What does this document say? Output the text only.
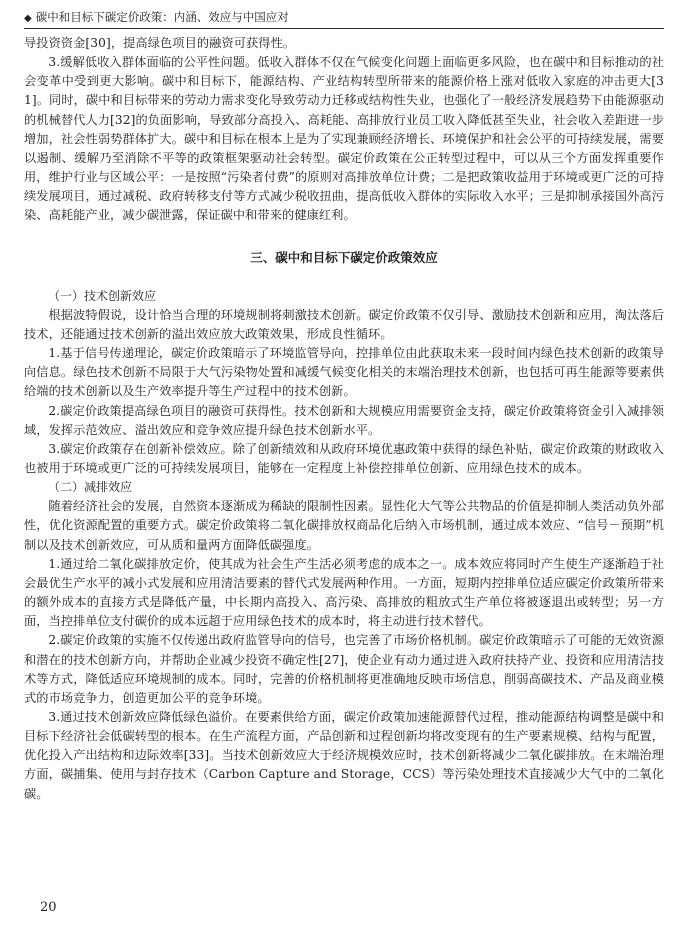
◆ 碳中和目标下碳定价政策：内涵、效应与中国应对

导投资资金[30]，提高绿色项目的融资可获得性。

3.缓解低收入群体面临的公平性问题。低收入群体不仅在气候变化问题上面临更多风险，也在碳中和目标推动的社会变革中受到更大影响。碳中和目标下，能源结构、产业结构转型所带来的能源价格上涨对低收入家庭的冲击更大[31]。同时，碳中和目标带来的劳动力需求变化导致劳动力迁移或结构性失业，也强化了一般经济发展趋势下由能源驱动的机械替代人力[32]的负面影响，导致部分高投入、高耗能、高排放行业员工收入降低甚至失业，社会收入差距进一步增加，社会性弱势群体扩大。碳中和目标在根本上是为了实现兼顾经济增长、环境保护和社会公平的可持续发展，需要以遏制、缓解乃至消除不平等的政策框架驱动社会转型。碳定价政策在公正转型过程中，可以从三个方面发挥重要作用，维护行业与区域公平：一是按照“污染者付费”的原则对高排放单位计费；二是把政策收益用于环境或更广泛的可持续发展项目，通过减税、政府转移支付等方式减少税收扭曲，提高低收入群体的实际收入水平；三是抑制承接国外高污染、高耗能产业，减少碳泄露，保证碳中和带来的健康红利。

三、碳中和目标下碳定价政策效应

（一）技术创新效应

根据波特假说，设计恰当合理的环境规制将刺激技术创新。碳定价政策不仅引导、激励技术创新和应用，淘汰落后技术，还能通过技术创新的溢出效应放大政策效果，形成良性循环。

1.基于信号传递理论，碳定价政策暗示了环境监管导向，控排单位由此获取未来一段时间内绿色技术创新的政策导向信息。绿色技术创新不局限于大气污染物处置和减缓气候变化相关的末端治理技术创新，也包括可再生能源等要素供给端的技术创新以及生产效率提升等生产过程中的技术创新。

2.碳定价政策提高绿色项目的融资可获得性。技术创新和大规模应用需要资金支持，碳定价政策将资金引入减排领域，发挥示范效应、溢出效应和竞争效应提升绿色技术创新水平。

3.碳定价政策存在创新补偿效应。除了创新绩效和从政府环境优惠政策中获得的绿色补贴，碳定价政策的财政收入也被用于环境或更广泛的可持续发展项目，能够在一定程度上补偿控排单位创新、应用绿色技术的成本。

（二）减排效应

随着经济社会的发展，自然资本逐渐成为稀缺的限制性因素。显性化大气等公共物品的价值是抑制人类活动负外部性，优化资源配置的重要方式。碳定价政策将二氧化碳排放权商品化后纳入市场机制，通过成本效应、“信号－预期”机制以及技术创新效应，可从质和量两方面降低碳强度。

1.通过给二氧化碳排放定价，使其成为社会生产生活必须考虑的成本之一。成本效应将同时产生使生产逐渐趋于社会最优生产水平的减小式发展和应用清洁要素的替代式发展两种作用。一方面，短期内控排单位适应碳定价政策所带来的额外成本的直接方式是降低产量，中长期内高投入、高污染、高排放的粗放式生产单位将被逐退出或转型；另一方面，当控排单位支付碳价的成本远超于应用绿色技术的成本时，将主动进行技术替代。

2.碳定价政策的实施不仅传递出政府监管导向的信号，也完善了市场价格机制。碳定价政策暗示了可能的无效资源和潜在的技术创新方向，并帮助企业减少投资不确定性[27]，使企业有动力通过进入政府扶持产业、投资和应用清洁技术等方式，降低适应环境规制的成本。同时，完善的价格机制将更准确地反映市场信息，削弱高碳技术、产品及商业模式的市场竞争力，创造更加公平的竞争环境。

3.通过技术创新效应降低绿色溢价。在要素供给方面，碳定价政策加速能源替代过程，推动能源结构调整是碳中和目标下经济社会低碳转型的根本。在生产流程方面，产品创新和过程创新均将改变现有的生产要素规模、结构与配置，优化投入产出结构和边际效率[33]。当技术创新效应大于经济规模效应时，技术创新将减少二氧化碳排放。在末端治理方面，碳捕集、使用与封存技术（Carbon Capture and Storage，CCS）等污染处理技术直接减少大气中的二氧化碳。

20
